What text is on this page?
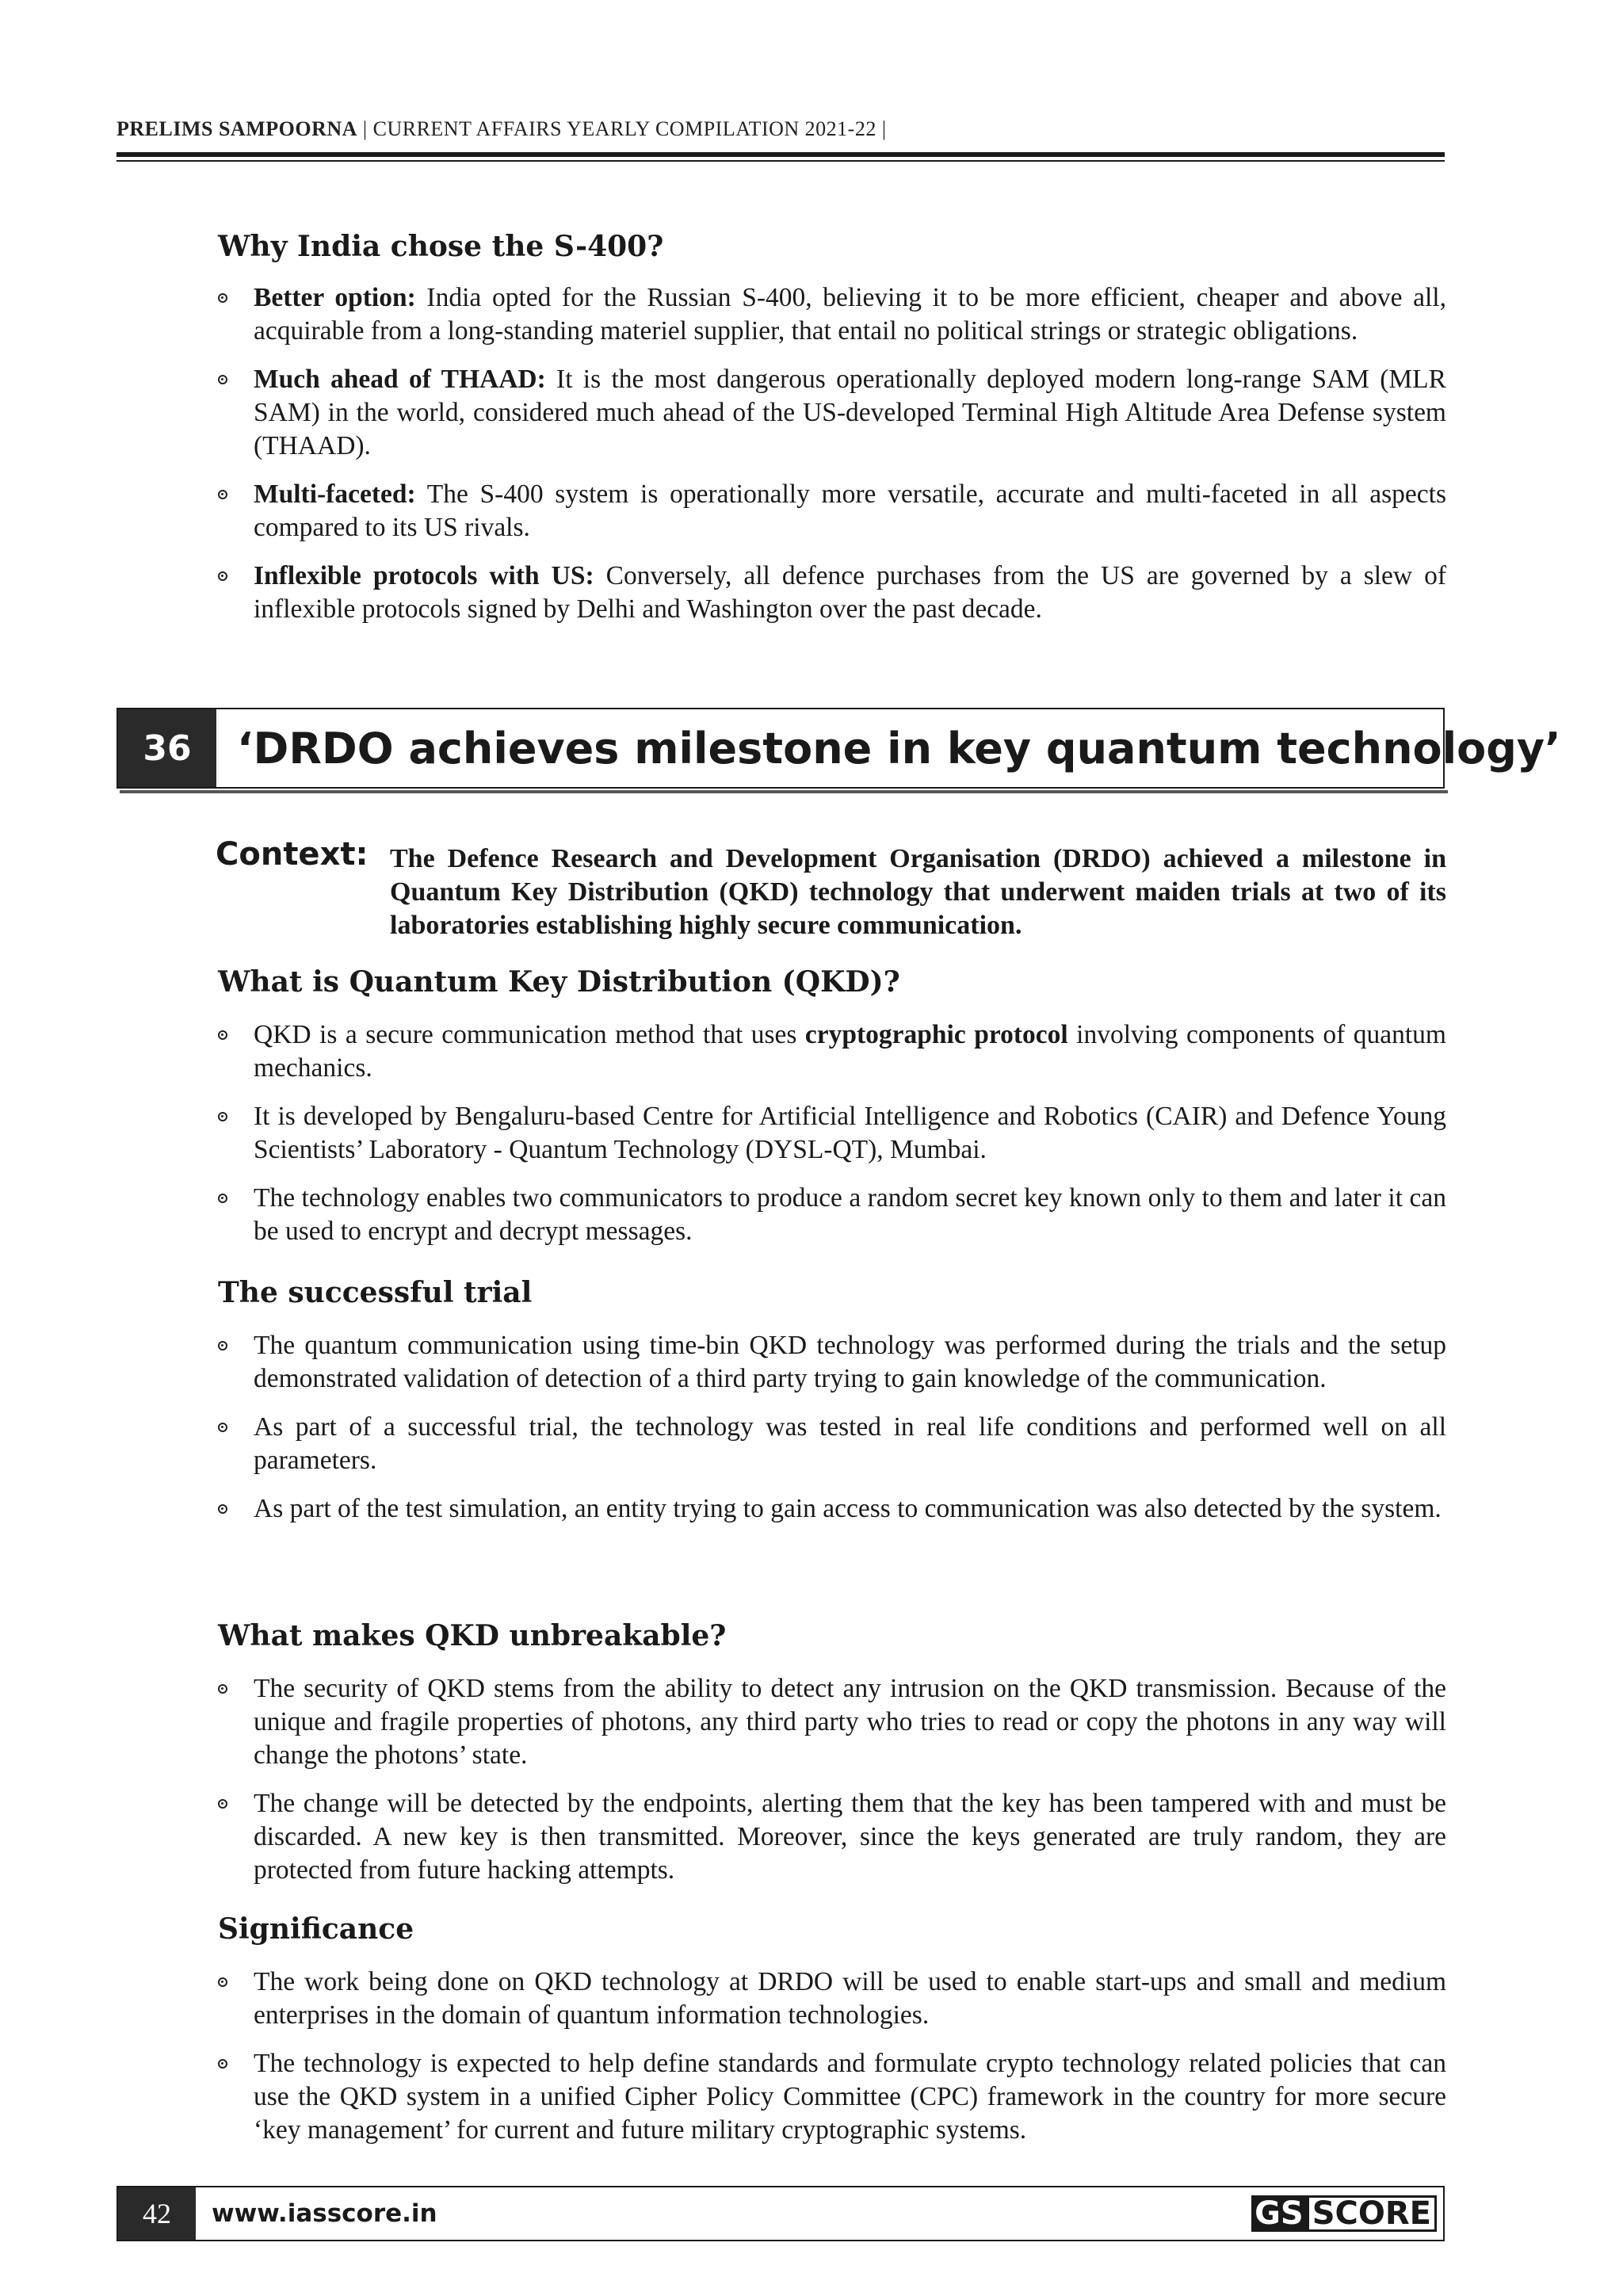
PRELIMS SAMPOORNA | CURRENT AFFAIRS YEARLY COMPILATION 2021-22 |
Why India chose the S-400?
Better option: India opted for the Russian S-400, believing it to be more efficient, cheaper and above all, acquirable from a long-standing materiel supplier, that entail no political strings or strategic obligations.
Much ahead of THAAD: It is the most dangerous operationally deployed modern long-range SAM (MLR SAM) in the world, considered much ahead of the US-developed Terminal High Altitude Area Defense system (THAAD).
Multi-faceted: The S-400 system is operationally more versatile, accurate and multi-faceted in all aspects compared to its US rivals.
Inflexible protocols with US: Conversely, all defence purchases from the US are governed by a slew of inflexible protocols signed by Delhi and Washington over the past decade.
36	‘DRDO achieves milestone in key quantum technology’
Context: The Defence Research and Development Organisation (DRDO) achieved a milestone in Quantum Key Distribution (QKD) technology that underwent maiden trials at two of its laboratories establishing highly secure communication.
What is Quantum Key Distribution (QKD)?
QKD is a secure communication method that uses cryptographic protocol involving components of quantum mechanics.
It is developed by Bengaluru-based Centre for Artificial Intelligence and Robotics (CAIR) and Defence Young Scientists’ Laboratory - Quantum Technology (DYSL-QT), Mumbai.
The technology enables two communicators to produce a random secret key known only to them and later it can be used to encrypt and decrypt messages.
The successful trial
The quantum communication using time-bin QKD technology was performed during the trials and the setup demonstrated validation of detection of a third party trying to gain knowledge of the communication.
As part of a successful trial, the technology was tested in real life conditions and performed well on all parameters.
As part of the test simulation, an entity trying to gain access to communication was also detected by the system.
What makes QKD unbreakable?
The security of QKD stems from the ability to detect any intrusion on the QKD transmission. Because of the unique and fragile properties of photons, any third party who tries to read or copy the photons in any way will change the photons’ state.
The change will be detected by the endpoints, alerting them that the key has been tampered with and must be discarded. A new key is then transmitted. Moreover, since the keys generated are truly random, they are protected from future hacking attempts.
Significance
The work being done on QKD technology at DRDO will be used to enable start-ups and small and medium enterprises in the domain of quantum information technologies.
The technology is expected to help define standards and formulate crypto technology related policies that can use the QKD system in a unified Cipher Policy Committee (CPC) framework in the country for more secure ‘key management’ for current and future military cryptographic systems.
42	www.iasscore.in	GS SCORE
